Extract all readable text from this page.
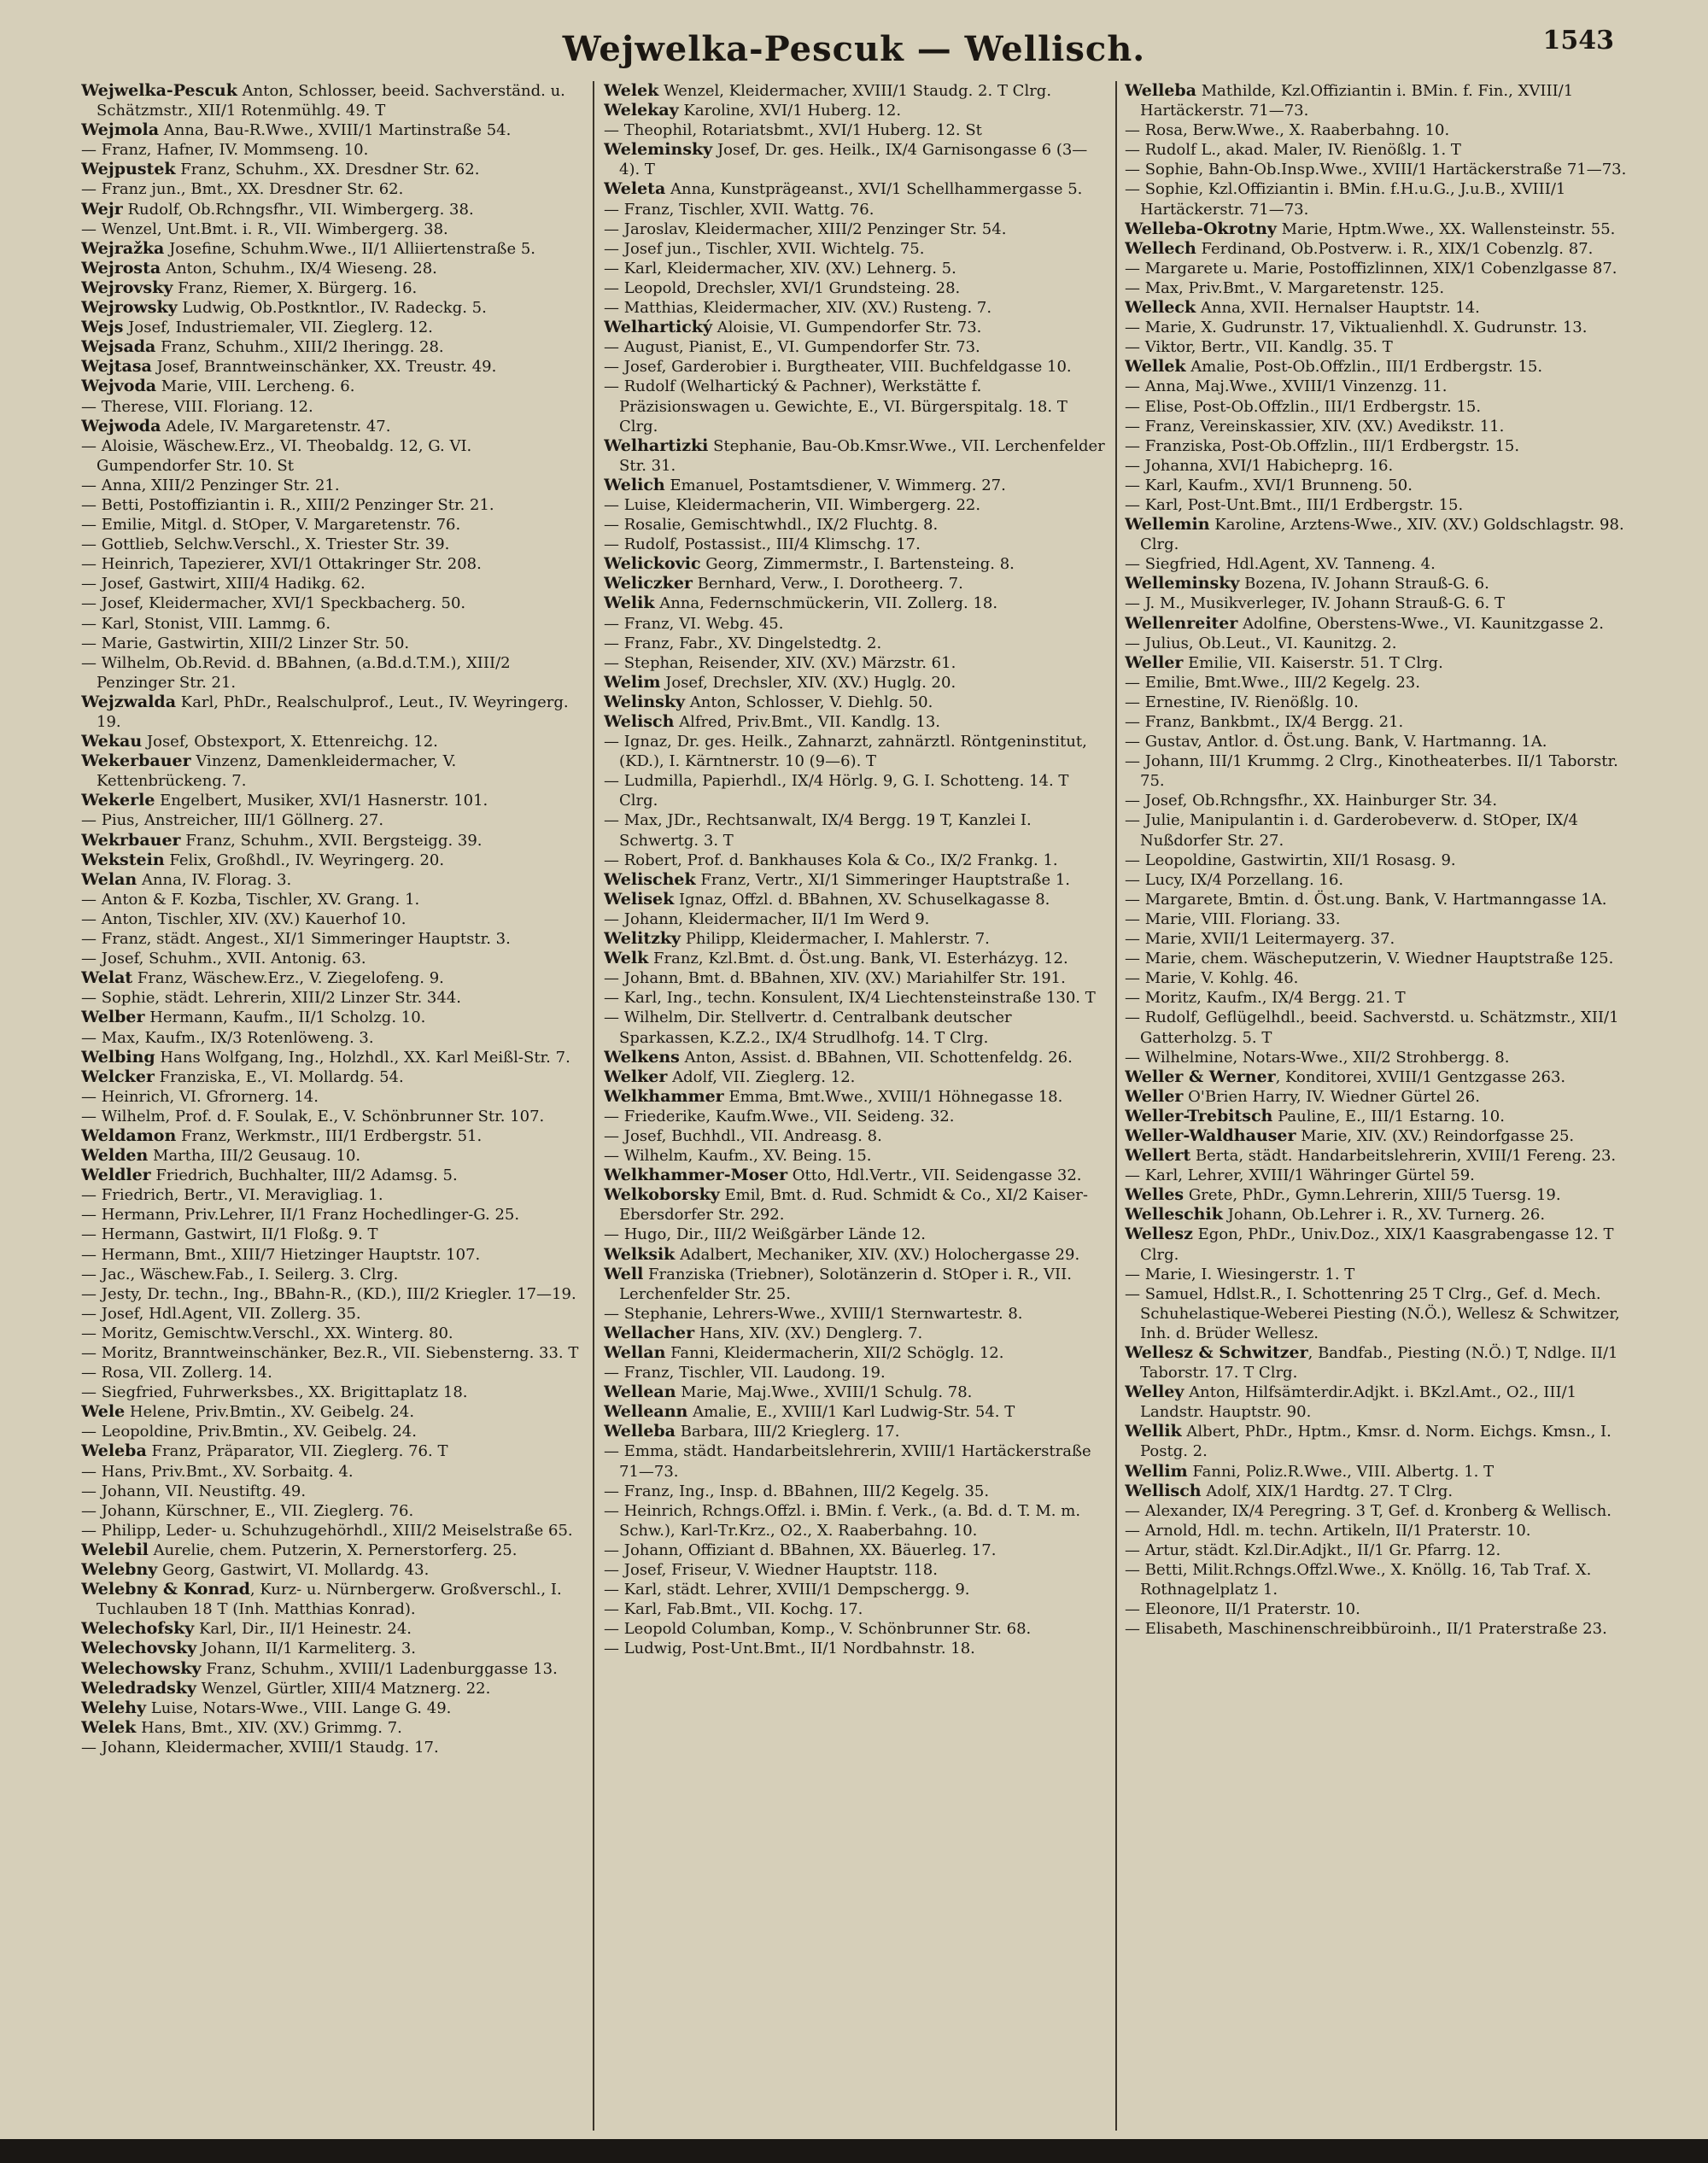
Wejwelka-Pescuk — Wellisch.	1543
Wejwelka-Pescuk Anton, Schlosser, beeid. Sachverständ. u. Schätzmstr., XII/1 Rotenmühlg. 49. T
Wejmola Anna, Bau-R.Wwe., XVIII/1 Martinstraße 54.
— Franz, Hafner, IV. Mommseng. 10.
Wejpustek Franz, Schuhm., XX. Dresdner Str. 62.
— Franz jun., Bmt., XX. Dresdner Str. 62.
Wejr Rudolf, Ob.Rchngsfhr., VII. Wimbergerg. 38.
— Wenzel, Unt.Bmt. i. R., VII. Wimbergerg. 38.
Wejražka Josefine, Schuhm.Wwe., II/1 Alliiertenstraße 5.
Wejrosta Anton, Schuhm., IX/4 Wieseng. 28.
Wejrovsky Franz, Riemer, X. Bürgerg. 16.
Wejrowsky Ludwig, Ob.Postkntlor., IV. Radeckg. 5.
Wejs Josef, Industriemaler, VII. Zieglerg. 12.
Wejsada Franz, Schuhm., XIII/2 Iheringg. 28.
Wejtasa Josef, Branntweinschänker, XX. Treustr. 49.
Wejvoda Marie, VIII. Lercheng. 6.
— Therese, VIII. Floriang. 12.
Wejwoda Adele, IV. Margaretenstr. 47.
— Aloisie, Wäschew.Erz., VI. Theobaldg. 12, G. VI. Gumpendorfer Str. 10. St
— Anna, XIII/2 Penzinger Str. 21.
— Betti, Postoffiziantin i. R., XIII/2 Penzinger Str. 21.
— Emilie, Mitgl. d. StOper, V. Margaretenstr. 76.
— Gottlieb, Selchw.Verschl., X. Triester Str. 39.
— Heinrich, Tapezierer, XVI/1 Ottakringer Str. 208.
— Josef, Gastwirt, XIII/4 Hadikg. 62.
— Josef, Kleidermacher, XVI/1 Speckbacherg. 50.
— Karl, Stonist, VIII. Lammg. 6.
— Marie, Gastwirtin, XIII/2 Linzer Str. 50.
— Wilhelm, Ob.Revid. d. BBahnen, (a.Bd.d.T.M.), XIII/2 Penzinger Str. 21.
Wejzwalda Karl, PhDr., Realschulprof., Leut., IV. Weyringerg. 19.
Wekau Josef, Obstexport, X. Ettenreichg. 12.
Wekerbauer Vinzenz, Damenkleidermacher, V. Kettenbrückeng. 7.
Wekerle Engelbert, Musiker, XVI/1 Hasnerstr. 101.
— Pius, Anstreicher, III/1 Göllnerg. 27.
Wekrbauer Franz, Schuhm., XVII. Bergsteigg. 39.
Wekstein Felix, Großhdl., IV. Weyringerg. 20.
Welan Anna, IV. Florag. 3.
— Anton & F. Kozba, Tischler, XV. Grang. 1.
— Anton, Tischler, XIV. (XV.) Kauerhof 10.
— Franz, städt. Angest., XI/1 Simmeringer Hauptstr. 3.
— Josef, Schuhm., XVII. Antonig. 63.
Welat Franz, Wäschew.Erz., V. Ziegelofeng. 9.
— Sophie, städt. Lehrerin, XIII/2 Linzer Str. 344.
Welber Hermann, Kaufm., II/1 Scholzg. 10.
— Max, Kaufm., IX/3 Rotenlöweng. 3.
Welbing Hans Wolfgang, Ing., Holzhdl., XX. Karl Meißl-Str. 7.
Welcker Franziska, E., VI. Mollardg. 54.
— Heinrich, VI. Gfrornerg. 14.
— Wilhelm, Prof. d. F. Soulak, E., V. Schönbrunner Str. 107.
Weldamon Franz, Werkmstr., III/1 Erdbergstr. 51.
Welden Martha, III/2 Geusaug. 10.
Weldler Friedrich, Buchhalter, III/2 Adamsg. 5.
— Friedrich, Bertr., VI. Meravigliag. 1.
— Hermann, Priv.Lehrer, II/1 Franz Hochedlinger-G. 25.
— Hermann, Gastwirt, II/1 Floßg. 9. T
— Hermann, Bmt., XIII/7 Hietzinger Hauptstr. 107.
— Jac., Wäschew.Fab., I. Seilerg. 3. Clrg.
— Jesty, Dr. techn., Ing., BBahn-R., (KD.), III/2 Kriegler. 17—19.
— Josef, Hdl.Agent, VII. Zollerg. 35.
— Moritz, Gemischtw.Verschl., XX. Winterg. 80.
— Moritz, Branntweinschänker, Bez.R., VII. Siebensterng. 33. T
— Rosa, VII. Zollerg. 14.
— Siegfried, Fuhrwerksbes., XX. Brigittaplatz 18.
Wele Helene, Priv.Bmtin., XV. Geibelg. 24.
— Leopoldine, Priv.Bmtin., XV. Geibelg. 24.
Weleba Franz, Präparator, VII. Zieglerg. 76. T
— Hans, Priv.Bmt., XV. Sorbaitg. 4.
— Johann, VII. Neustiftg. 49.
— Johann, Kürschner, E., VII. Zieglerg. 76.
— Philipp, Leder- u. Schuhzugehörhdl., XIII/2 Meiselstraße 65.
Welebil Aurelie, chem. Putzerin, X. Pernerstorferg. 25.
Welebny Georg, Gastwirt, VI. Mollardg. 43.
Welebny & Konrad, Kurz- u. Nürnbergerw. Großverschl., I. Tuchlauben 18 T (Inh. Matthias Konrad).
Welechofsky Karl, Dir., II/1 Heinestr. 24.
Welechovsky Johann, II/1 Karmeliterg. 3.
Welechowsky Franz, Schuhm., XVIII/1 Ladenburggasse 13.
Weledradsky Wenzel, Gürtler, XIII/4 Matznerg. 22.
Welehy Luise, Notars-Wwe., VIII. Lange G. 49.
Welek Hans, Bmt., XIV. (XV.) Grimmg. 7.
— Johann, Kleidermacher, XVIII/1 Staudg. 17.
Welek Wenzel, Kleidermacher, XVIII/1 Staudg. 2. T Clrg.
Welekay Karoline, XVI/1 Huberg. 12.
— Theophil, Rotariatsbmt., XVI/1 Huberg. 12. St
Weleminsky Josef, Dr. ges. Heilk., IX/4 Garnisongasse 6 (3—4). T
Weleta Anna, Kunstprägeanst., XVI/1 Schellhammergasse 5.
— Franz, Tischler, XVII. Wattg. 76.
— Jaroslav, Kleidermacher, XIII/2 Penzinger Str. 54.
— Josef jun., Tischler, XVII. Wichtelg. 75.
— Karl, Kleidermacher, XIV. (XV.) Lehnerg. 5.
— Leopold, Drechsler, XVI/1 Grundsteing. 28.
— Matthias, Kleidermacher, XIV. (XV.) Rusteng. 7.
Welhartický Aloisie, VI. Gumpendorfer Str. 73.
— August, Pianist, E., VI. Gumpendorfer Str. 73.
— Josef, Garderobier i. Burgtheater, VIII. Buchfeldgasse 10.
— Rudolf (Welhartický & Pachner), Werkstätte f. Präzisionswagen u. Gewichte, E., VI. Bürgerspitalg. 18. T Clrg.
Welhartizki Stephanie, Bau-Ob.Kmsr.Wwe., VII. Lerchenfelder Str. 31.
Welich Emanuel, Postamtsdiener, V. Wimmerg. 27.
— Luise, Kleidermacherin, VII. Wimbergerg. 22.
— Rosalie, Gemischtwhdl., IX/2 Fluchtg. 8.
— Rudolf, Postassist., III/4 Klimschg. 17.
Welickovic Georg, Zimmermstr., I. Bartensteing. 8.
Weliczker Bernhard, Verw., I. Dorotheerg. 7.
Welik Anna, Federnschmückerin, VII. Zollerg. 18.
— Franz, VI. Webg. 45.
— Franz, Fabr., XV. Dingelstedtg. 2.
— Stephan, Reisender, XIV. (XV.) Märzstr. 61.
Welim Josef, Drechsler, XIV. (XV.) Huglg. 20.
Welinsky Anton, Schlosser, V. Diehlg. 50.
Welisch Alfred, Priv.Bmt., VII. Kandlg. 13.
— Ignaz, Dr. ges. Heilk., Zahnarzt, zahnärztl. Röntgeninstitut, (KD.), I. Kärntnerstr. 10 (9—6). T
— Ludmilla, Papierhdl., IX/4 Hörlg. 9, G. I. Schotteng. 14. T Clrg.
— Max, JDr., Rechtsanwalt, IX/4 Bergg. 19 T, Kanzlei I. Schwertg. 3. T
— Robert, Prof. d. Bankhauses Kola & Co., IX/2 Frankg. 1.
Welischek Franz, Vertr., XI/1 Simmeringer Hauptstraße 1.
Welisek Ignaz, Offzl. d. BBahnen, XV. Schuselkagasse 8.
— Johann, Kleidermacher, II/1 Im Werd 9.
Welitzky Philipp, Kleidermacher, I. Mahlerstr. 7.
Welk Franz, Kzl.Bmt. d. Öst.ung. Bank, VI. Esterházyg. 12.
— Johann, Bmt. d. BBahnen, XIV. (XV.) Mariahilfer Str. 191.
— Karl, Ing., techn. Konsulent, IX/4 Liechtensteinstraße 130. T
— Wilhelm, Dir. Stellvertr. d. Centralbank deutscher Sparkassen, K.Z.2., IX/4 Strudlhofg. 14. T Clrg.
Welkens Anton, Assist. d. BBahnen, VII. Schottenfeldg. 26.
Welker Adolf, VII. Zieglerg. 12.
Welkhammer Emma, Bmt.Wwe., XVIII/1 Höhnegasse 18.
— Friederike, Kaufm.Wwe., VII. Seideng. 32.
— Josef, Buchhdl., VII. Andreasg. 8.
— Wilhelm, Kaufm., XV. Being. 15.
Welkhammer-Moser Otto, Hdl.Vertr., VII. Seidengasse 32.
Welkoborsky Emil, Bmt. d. Rud. Schmidt & Co., XI/2 Kaiser-Ebersdorfer Str. 292.
— Hugo, Dir., III/2 Weißgärber Lände 12.
Welksik Adalbert, Mechaniker, XIV. (XV.) Holochergasse 29.
Well Franziska (Triebner), Solotänzerin d. StOper i. R., VII. Lerchenfelder Str. 25.
— Stephanie, Lehrers-Wwe., XVIII/1 Sternwartestr. 8.
Wellacher Hans, XIV. (XV.) Denglerg. 7.
Wellan Fanni, Kleidermacherin, XII/2 Schöglg. 12.
— Franz, Tischler, VII. Laudong. 19.
Wellean Marie, Maj.Wwe., XVIII/1 Schulg. 78.
Welleann Amalie, E., XVIII/1 Karl Ludwig-Str. 54. T
Welleba Barbara, III/2 Krieglerg. 17.
— Emma, städt. Handarbeitslehrerin, XVIII/1 Hartäckerstraße 71—73.
— Franz, Ing., Insp. d. BBahnen, III/2 Kegelg. 35.
— Heinrich, Rchngs.Offzl. i. BMin. f. Verk., (a. Bd. d. T. M. m. Schw.), Karl-Tr.Krz., O2., X. Raaberbahng. 10.
— Johann, Offiziant d. BBahnen, XX. Bäuerleg. 17.
— Josef, Friseur, V. Wiedner Hauptstr. 118.
— Karl, städt. Lehrer, XVIII/1 Dempschergg. 9.
— Karl, Fab.Bmt., VII. Kochg. 17.
— Leopold Columban, Komp., V. Schönbrunner Str. 68.
— Ludwig, Post-Unt.Bmt., II/1 Nordbahnstr. 18.
Welleba Mathilde, Kzl.Offizіantin i. BMin. f. Fin., XVIII/1 Hartäckerstr. 71—73.
— Rosa, Berw.Wwe., X. Raaberbahng. 10.
— Rudolf L., akad. Maler, IV. Rienößlg. 1. T
— Sophie, Bahn-Ob.Insp.Wwe., XVIII/1 Hartäckerstraße 71—73.
— Sophie, Kzl.Offiziantin i. BMin. f.H.u.G., J.u.B., XVIII/1 Hartäckerstr. 71—73.
Welleba-Okrotny Marie, Hptm.Wwe., XX. Wallensteinstr. 55.
Wellech Ferdinand, Ob.Postverw. i. R., XIX/1 Cobenzlg. 87.
— Margarete u. Marie, Postoffizlinnen, XIX/1 Cobenzlgasse 87.
— Max, Priv.Bmt., V. Margaretenstr. 125.
Welleck Anna, XVII. Hernalser Hauptstr. 14.
— Marie, X. Gudrunstr. 17, Viktualienhdl. X. Gudrunstr. 13.
— Viktor, Bertr., VII. Kandlg. 35. T
Wellek Amalie, Post-Ob.Offzlin., III/1 Erdbergstr. 15.
— Anna, Maj.Wwe., XVIII/1 Vinzenzg. 11.
— Elise, Post-Ob.Offzlin., III/1 Erdbergstr. 15.
— Franz, Vereinskassier, XIV. (XV.) Avedikstr. 11.
— Franziska, Post-Ob.Offzlin., III/1 Erdbergstr. 15.
— Johanna, XVI/1 Habichергg. 16.
— Karl, Kaufm., XVI/1 Brunneng. 50.
— Karl, Post-Unt.Bmt., III/1 Erdbergstr. 15.
Wellemin Karoline, Arztens-Wwe., XIV. (XV.) Goldschlagstr. 98. Clrg.
— Siegfried, Hdl.Agent, XV. Tanneng. 4.
Welleminsky Bozena, IV. Johann Strauß-G. 6.
— J. M., Musikverleger, IV. Johann Strauß-G. 6. T
Wellenreiter Adolfine, Oberstens-Wwe., VI. Kaunitzgasse 2.
— Julius, Ob.Leut., VI. Kaunitzg. 2.
Weller Emilie, VII. Kaiserstr. 51. T Clrg.
— Emilie, Bmt.Wwe., III/2 Kegelg. 23.
— Ernestine, IV. Rienößlg. 10.
— Franz, Bankbmt., IX/4 Bergg. 21.
— Gustav, Antlor. d. Öst.ung. Bank, V. Hartmanng. 1A.
— Johann, III/1 Krummg. 2 Clrg., Kinotheaterbes. II/1 Taborstr. 75.
— Josef, Ob.Rchngsfhr., XX. Hainburger Str. 34.
— Julie, Manipulantin i. d. Garderobeverw. d. StOper, IX/4 Nußdorfer Str. 27.
— Leopoldine, Gastwirtin, XII/1 Rosasg. 9.
— Lucy, IX/4 Porzellang. 16.
— Margarete, Bmtin. d. Öst.ung. Bank, V. Hartmanngasse 1A.
— Marie, VIII. Floriang. 33.
— Marie, XVII/1 Leitermayerg. 37.
— Marie, chem. Wäschеputzerin, V. Wiedner Hauptstraße 125.
— Marie, V. Kohlg. 46.
— Moritz, Kaufm., IX/4 Bergg. 21. T
— Rudolf, Geflügelhdl., beeid. Sachverstd. u. Schätzmstr., XII/1 Gatterholzg. 5. T
— Wilhelmine, Notars-Wwe., XII/2 Strohbergg. 8.
Weller & Werner, Konditorei, XVIII/1 Gentzgasse 263.
Weller O'Brien Harry, IV. Wiedner Gürtel 26.
Weller-Trebitsch Pauline, E., III/1 Estarng. 10.
Weller-Waldhauser Marie, XIV. (XV.) Reindorfgasse 25.
Wellert Berta, städt. Handarbeitslehrerin, XVIII/1 Fereng. 23.
— Karl, Lehrer, XVIII/1 Währinger Gürtel 59.
Welles Grete, PhDr., Gymn.Lehrerin, XIII/5 Tuersg. 19.
Welleschik Johann, Ob.Lehrer i. R., XV. Turnerg. 26.
Wellesz Egon, PhDr., Univ.Doz., XIX/1 Kaasgrabengasse 12. T Clrg.
— Marie, I. Wiesingerstr. 1. T
— Samuel, Hdlst.R., I. Schottenring 25 T Clrg., Gef. d. Mech. Schuhelastique-Weberei Piesting (N.Ö.), Wellesz & Schwitzer, Inh. d. Brüder Wellesz.
Wellesz & Schwitzer, Bandfab., Piesting (N.Ö.) T, Ndlge. II/1 Taborstr. 17. T Clrg.
Welley Anton, Hilfsämterdir.Adjkt. i. BKzl.Amt., O2., III/1 Landstr. Hauptstr. 90.
Wellik Albert, PhDr., Hptm., Kmsr. d. Norm. Eichgs. Kmsn., I. Postg. 2.
Wellim Fanni, Poliz.R.Wwe., VIII. Albertg. 1. T
Wellisch Adolf, XIX/1 Hardtg. 27. T Clrg.
— Alexander, IX/4 Peregring. 3 T, Gef. d. Kronberg & Wellisch.
— Arnold, Hdl. m. techn. Artikeln, II/1 Praterstr. 10.
— Artur, städt. Kzl.Dir.Adjkt., II/1 Gr. Pfarrg. 12.
— Betti, Milit.Rchngs.Offzl.Wwe., X. Knöllg. 16, Tab Traf. X. Rothnagelplatz 1.
— Eleonore, II/1 Praterstr. 10.
— Elisabeth, Maschinenschreibbüroinh., II/1 Praterstraße 23.
